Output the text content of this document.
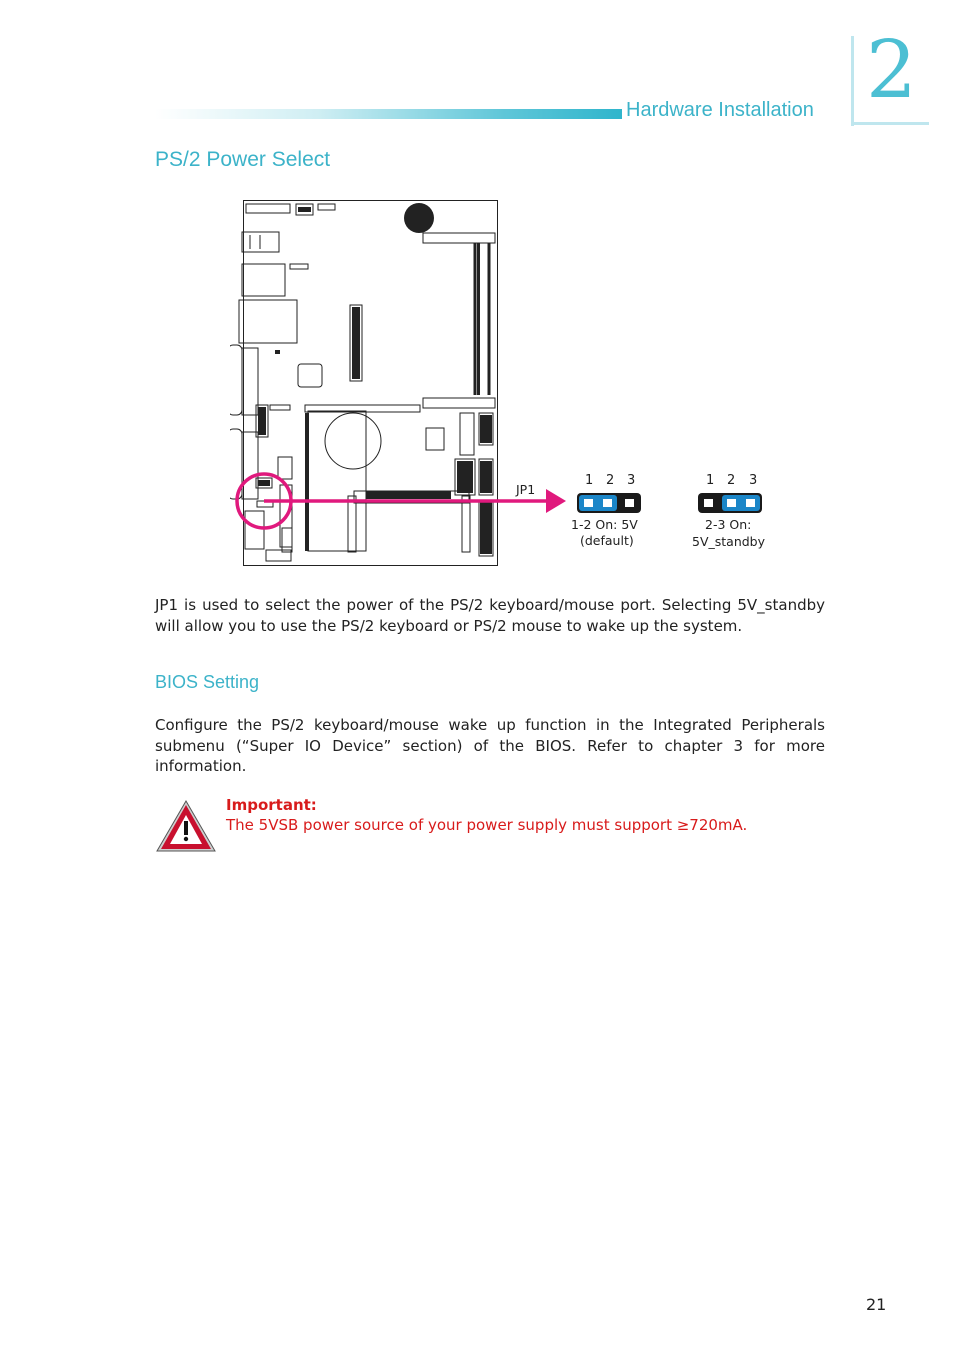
Hardware Installation 2
PS/2 Power Select
JP1
1 2 3
1-2 On: 5V
(default)
1 2 3
2-3 On:
5V_standby
JP1 is used to select the power of the PS/2 keyboard/mouse port. Selecting 5V_standby will allow you to use the PS/2 keyboard or PS/2 mouse to wake up the system.
BIOS Setting
Configure the PS/2 keyboard/mouse wake up function in the Integrated Peripherals submenu (“Super IO Device” section) of the BIOS. Refer to chapter 3 for more information.
Important:
The 5VSB power source of your power supply must support ≥720mA.
21
